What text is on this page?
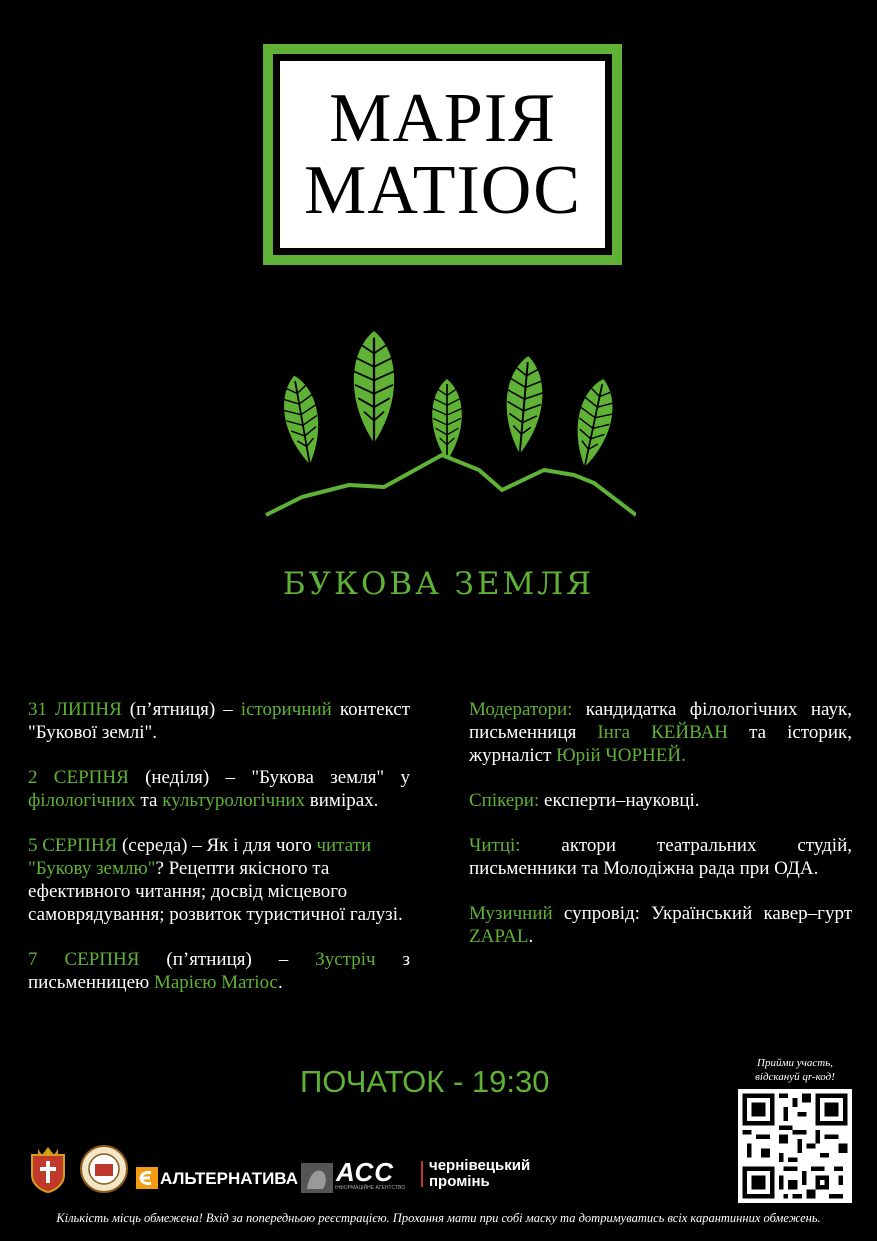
МАРІЯ
МАТІОС
БУКОВА ЗЕМЛЯ

31 ЛИПНЯ (п’ятниця) – історичний контекст "Букової землі".

2 СЕРПНЯ (неділя) – "Букова земля" у філологічних та культурологічних вимірах.

5 СЕРПНЯ (середа) – Як і для чого читати "Букову землю"? Рецепти якісного та ефективного читання; досвід місцевого самоврядування; розвиток туристичної галузі.

7 СЕРПНЯ (п’ятниця) – Зустріч з письменницею Марією Матіос.

Модератори: кандидатка філологічних наук, письменниця Інга КЕЙВАН та історик, журналіст Юрій ЧОРНЕЙ.

Спікери: експерти–науковці.

Читці: актори театральних студій, письменники та Молодіжна рада при ОДА.

Музичний супровід: Український кавер–гурт ZAPAL.

ПОЧАТОК - 19:30
Прийми участь,
відскануй qr-код!
АЛЬТЕРНАТИВА АСС
ІНФОРМАЦІЙНЕ АГЕНТСТВО
чернівецький
промінь
Кількість місць обмежена! Вхід за попередньою реєстрацією. Прохання мати при собі маску та дотримуватись всіх карантинних обмежень.
